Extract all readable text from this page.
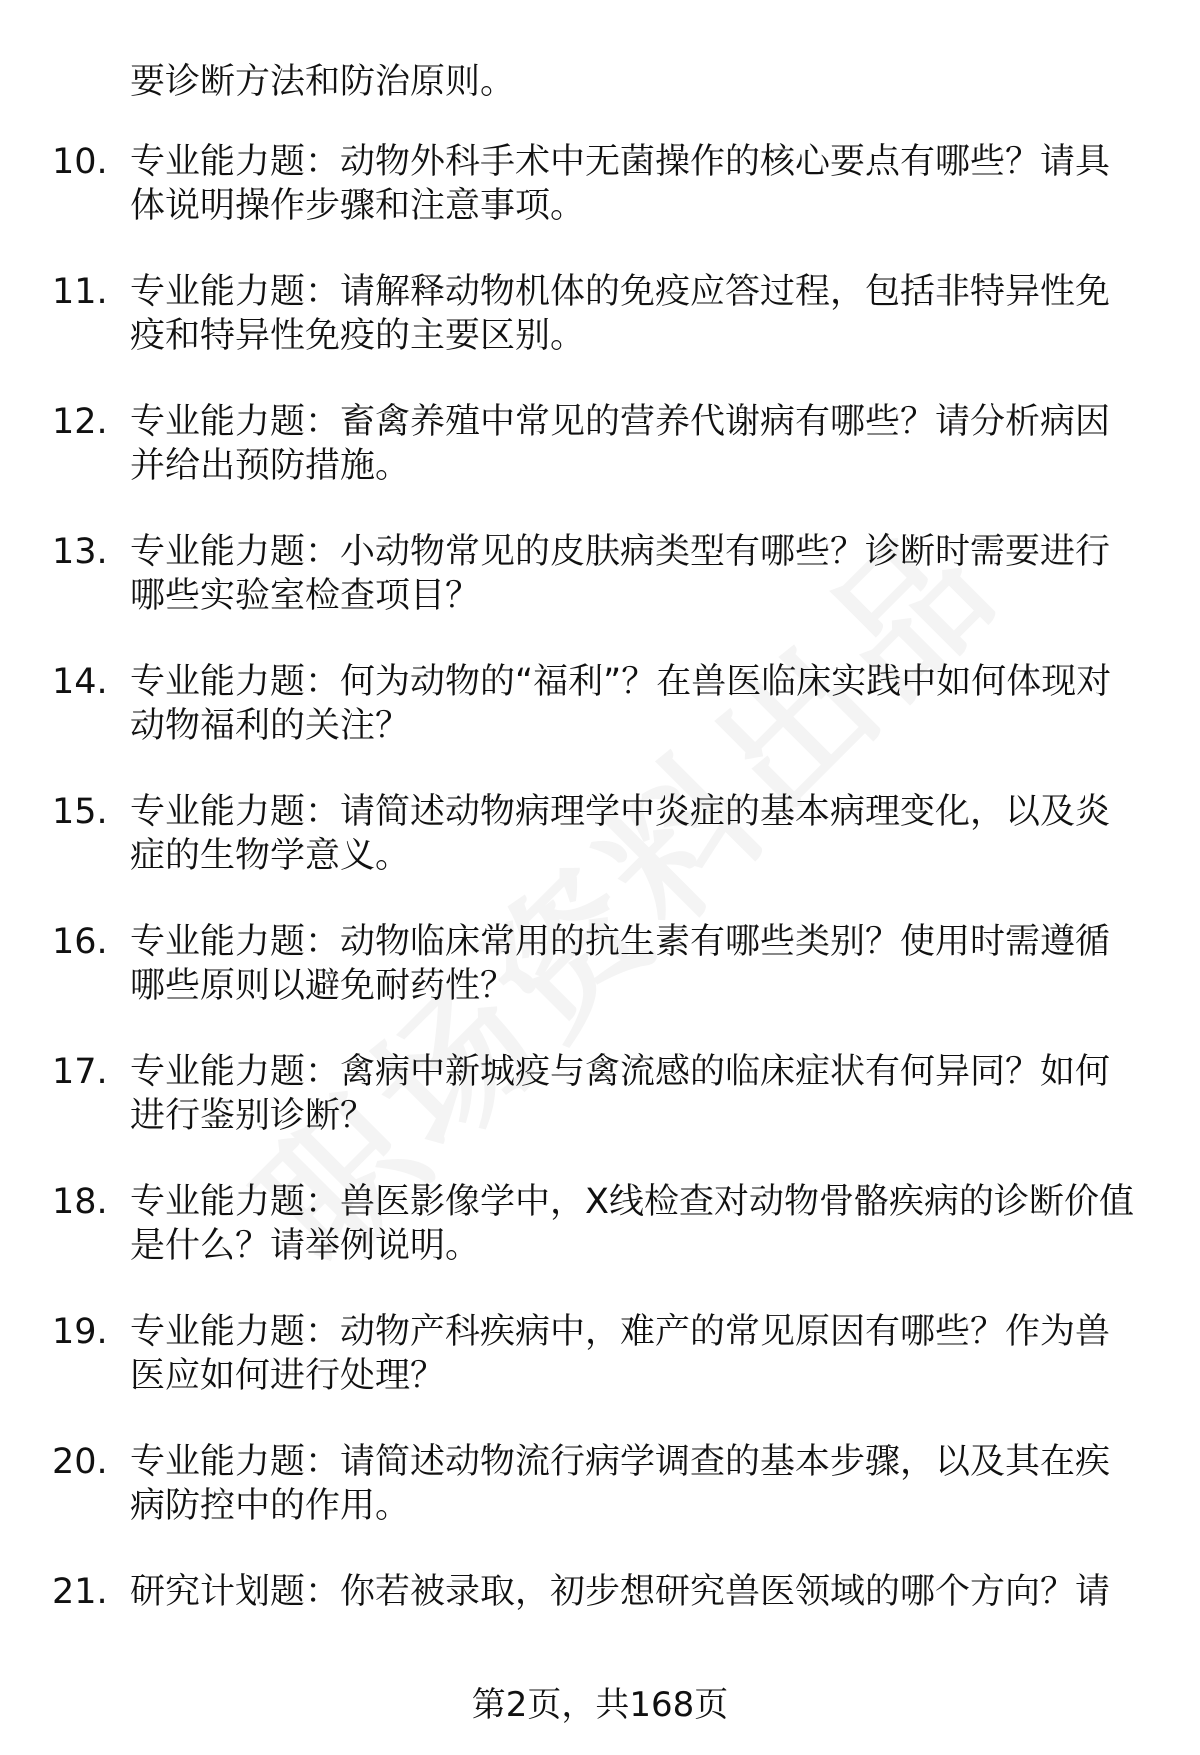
要诊断方法和防治原则。
10. 专业能力题：动物外科手术中无菌操作的核心要点有哪些？请具体说明操作步骤和注意事项。
11. 专业能力题：请解释动物机体的免疫应答过程，包括非特异性免疫和特异性免疫的主要区别。
12. 专业能力题：畜禽养殖中常见的营养代谢病有哪些？请分析病因并给出预防措施。
13. 专业能力题：小动物常见的皮肤病类型有哪些？诊断时需要进行哪些实验室检查项目？
14. 专业能力题：何为动物的“福利”？在兽医临床实践中如何体现对动物福利的关注？
15. 专业能力题：请简述动物病理学中炎症的基本病理变化，以及炎症的生物学意义。
16. 专业能力题：动物临床常用的抗生素有哪些类别？使用时需遵循哪些原则以避免耐药性？
17. 专业能力题：禽病中新城疫与禽流感的临床症状有何异同？如何进行鉴别诊断？
18. 专业能力题：兽医影像学中，X线检查对动物骨骼疾病的诊断价值是什么？请举例说明。
19. 专业能力题：动物产科疾病中，难产的常见原因有哪些？作为兽医应如何进行处理？
20. 专业能力题：请简述动物流行病学调查的基本步骤，以及其在疾病防控中的作用。
21. 研究计划题：你若被录取，初步想研究兽医领域的哪个方向？请
第2页，共168页
